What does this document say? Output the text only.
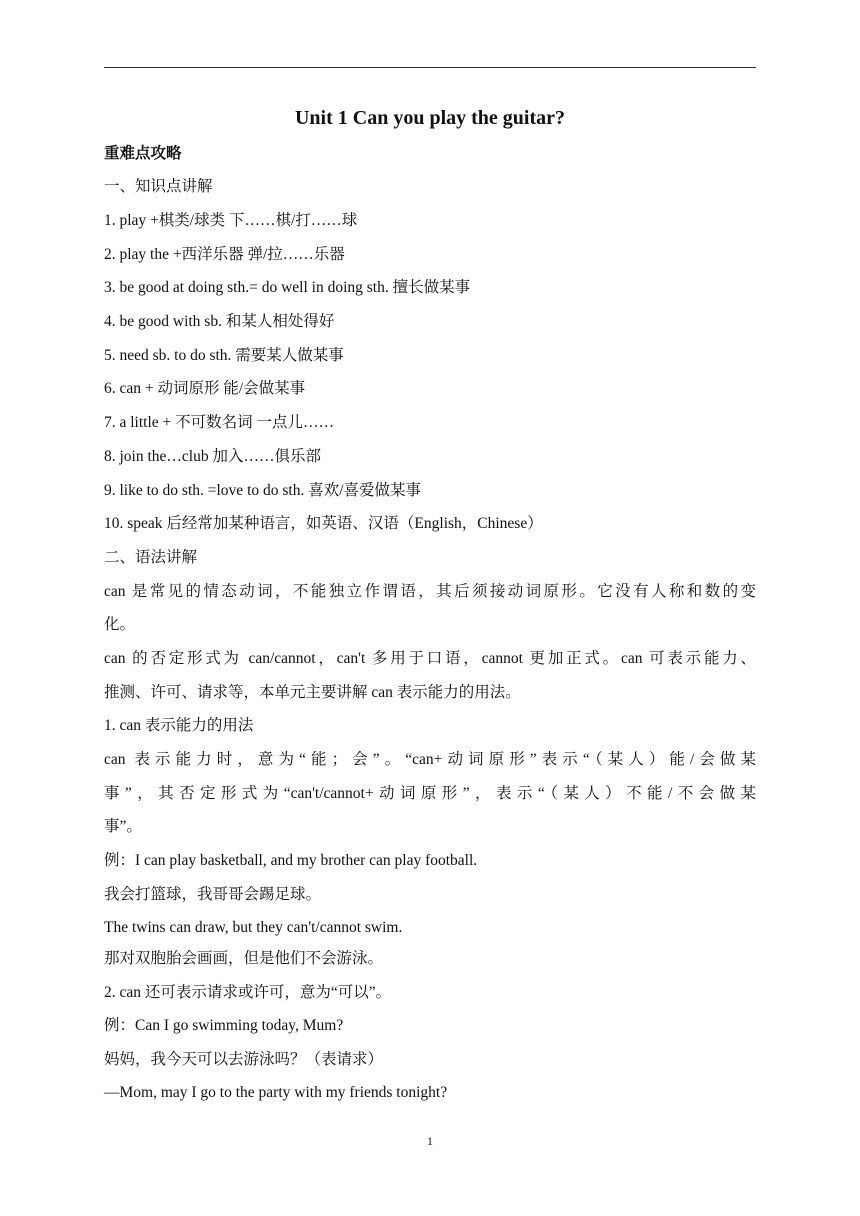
Unit 1 Can you play the guitar?
重难点攻略
一、知识点讲解
1. play +棋类/球类 下……棋/打……球
2. play the +西洋乐器 弹/拉……乐器
3. be good at doing sth.= do well in doing sth. 擅长做某事
4. be good with sb. 和某人相处得好
5. need sb. to do sth. 需要某人做某事
6. can + 动词原形 能/会做某事
7. a little + 不可数名词 一点儿……
8. join the…club 加入……俱乐部
9. like to do sth. =love to do sth. 喜欢/喜爱做某事
10. speak 后经常加某种语言，如英语、汉语（English，Chinese）
二、语法讲解
can 是常见的情态动词，不能独立作谓语，其后须接动词原形。它没有人称和数的变
化。
can 的否定形式为 can/cannot，can't 多用于口语，cannot 更加正式。can 可表示能力、
推测、许可、请求等，本单元主要讲解 can 表示能力的用法。
1. can 表示能力的用法
can 表示能力时，意为“能；会”。“can+动词原形”表示“（某人）能/会做某
事”，其否定形式为“can't/cannot+动词原形”，表示“（某人）不能/不会做某
事”。
例：I can play basketball, and my brother can play football.
我会打篮球，我哥哥会踢足球。
The twins can draw, but they can't/cannot swim.
那对双胞胎会画画，但是他们不会游泳。
2. can 还可表示请求或许可，意为“可以”。
例：Can I go swimming today, Mum?
妈妈，我今天可以去游泳吗？（表请求）
—Mom, may I go to the party with my friends tonight?
1
